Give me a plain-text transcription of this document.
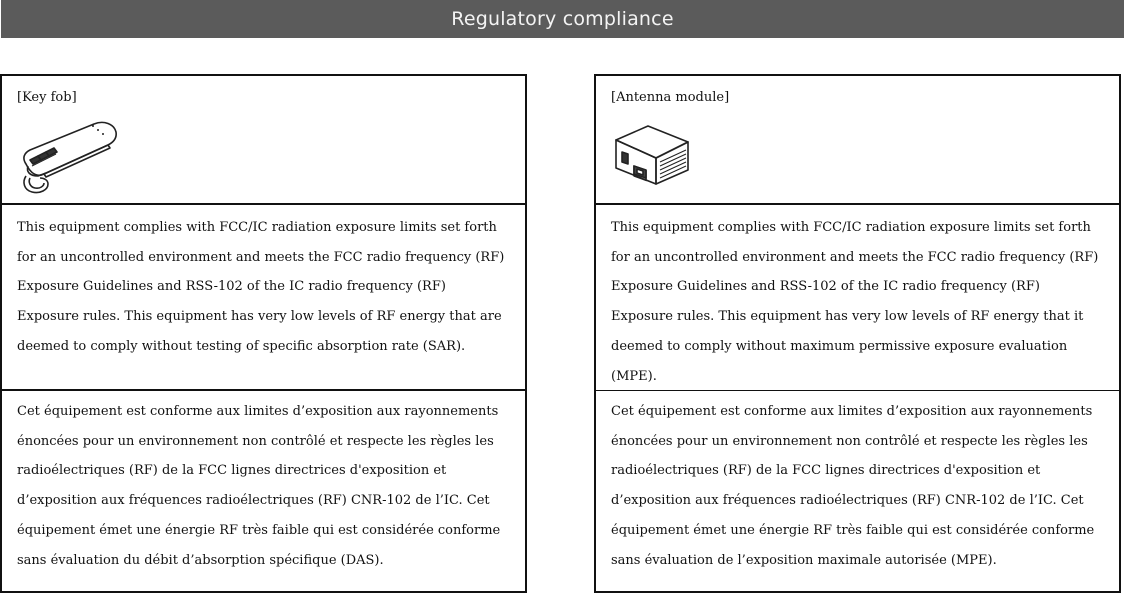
Regulatory compliance
[Key fob]

This equipment complies with FCC/IC radiation exposure limits set forth
for an uncontrolled environment and meets the FCC radio frequency (RF)
Exposure Guidelines and RSS-102 of the IC radio frequency (RF)
Exposure rules. This equipment has very low levels of RF energy that are
deemed to comply without testing of specific absorption rate (SAR).

Cet équipement est conforme aux limites d’exposition aux rayonnements
énoncées pour un environnement non contrôlé et respecte les règles les
radioélectriques (RF) de la FCC lignes directrices d'exposition et
d’exposition aux fréquences radioélectriques (RF) CNR-102 de l’IC. Cet
équipement émet une énergie RF très faible qui est considérée conforme
sans évaluation du débit d’absorption spécifique (DAS).

[Antenna module]

This equipment complies with FCC/IC radiation exposure limits set forth
for an uncontrolled environment and meets the FCC radio frequency (RF)
Exposure Guidelines and RSS-102 of the IC radio frequency (RF)
Exposure rules. This equipment has very low levels of RF energy that it
deemed to comply without maximum permissive exposure evaluation
(MPE).

Cet équipement est conforme aux limites d’exposition aux rayonnements
énoncées pour un environnement non contrôlé et respecte les règles les
radioélectriques (RF) de la FCC lignes directrices d'exposition et
d’exposition aux fréquences radioélectriques (RF) CNR-102 de l’IC. Cet
équipement émet une énergie RF très faible qui est considérée conforme
sans évaluation de l’exposition maximale autorisée (MPE).
